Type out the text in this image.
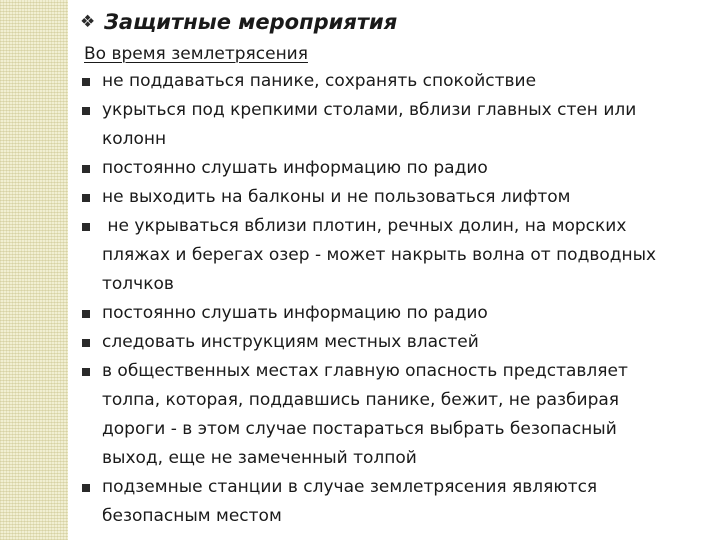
❖ Защитные мероприятия
Во время землетрясения
не поддаваться панике, сохранять спокойствие
укрыться под крепкими столами, вблизи главных стен или
колонн
постоянно слушать информацию по радио
не выходить на балконы и не пользоваться лифтом
не укрываться вблизи плотин, речных долин, на морских
пляжах и берегах озер - может накрыть волна от подводных
толчков
постоянно слушать информацию по радио
следовать инструкциям местных властей
в общественных местах главную опасность представляет
толпа, которая, поддавшись панике, бежит, не разбирая
дороги - в этом случае постараться выбрать безопасный
выход, еще не замеченный толпой
подземные станции в случае землетрясения являются
безопасным местом
